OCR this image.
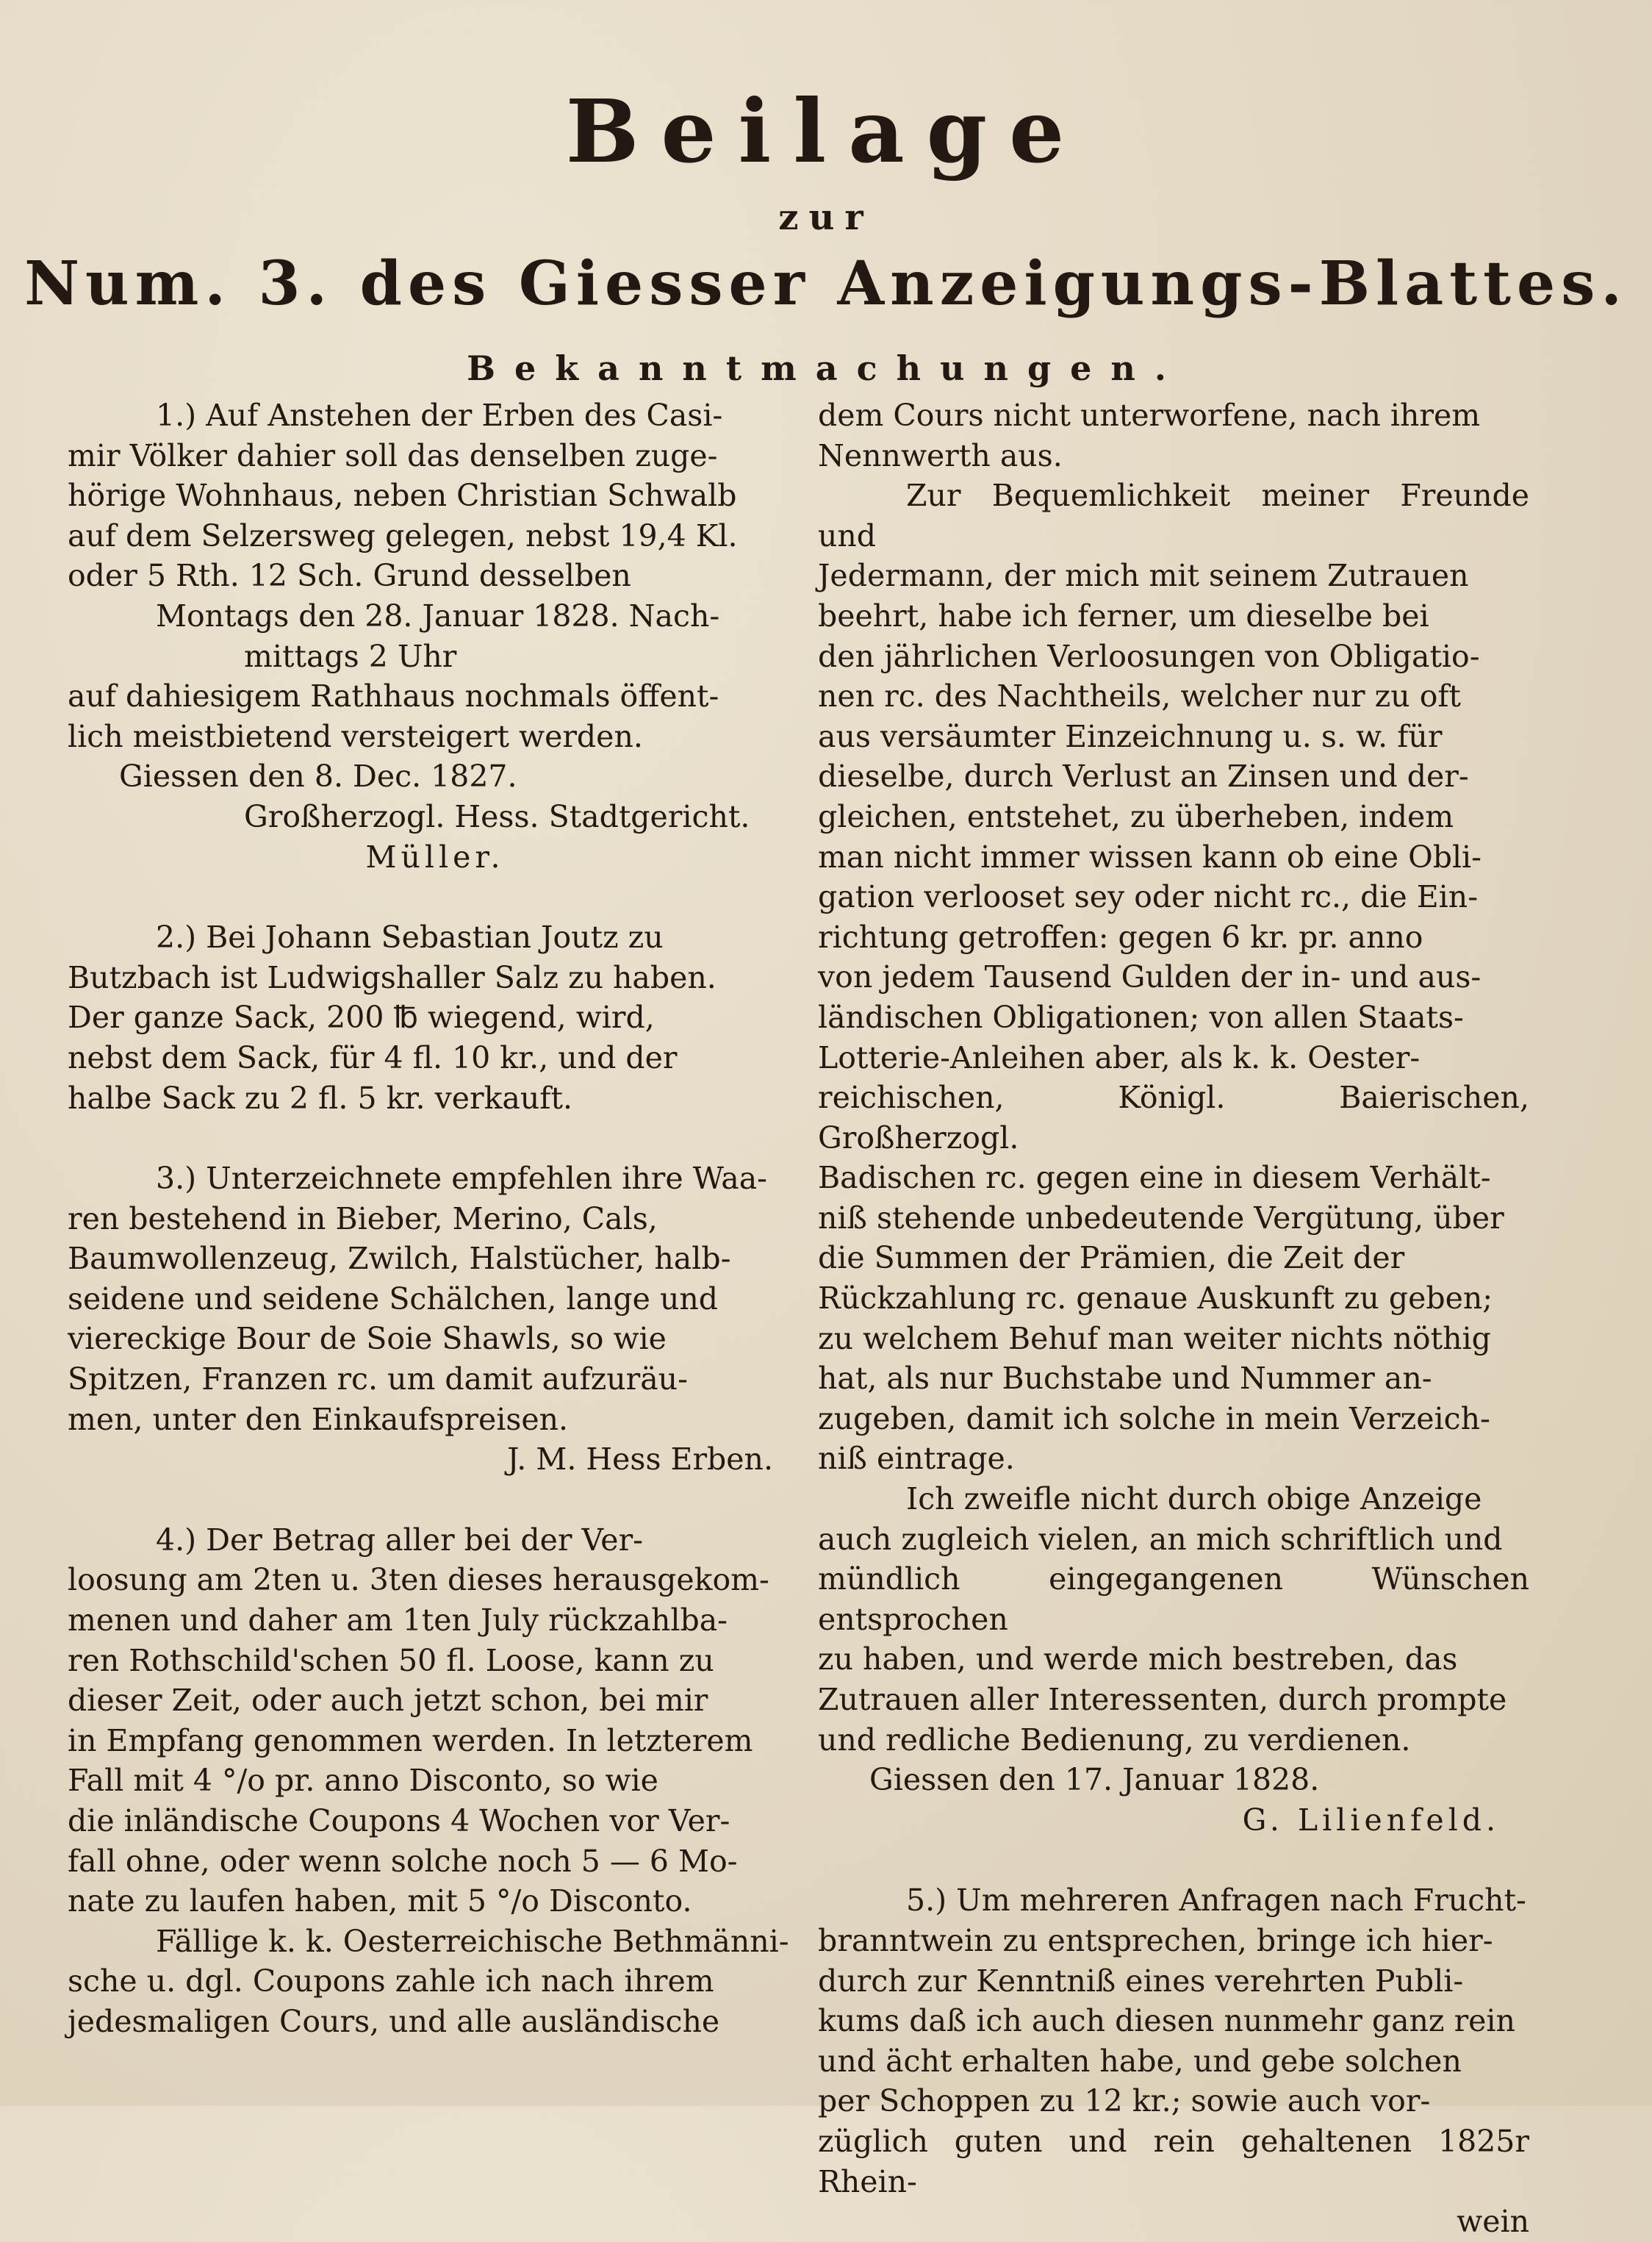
Beilage
zur
Num. 3. des Giesser Anzeigungs-Blattes.
Bekanntmachungen.
1.) Auf Anstehen der Erben des Casi-
mir Völker dahier soll das denselben zuge-
hörige Wohnhaus, neben Christian Schwalb
auf dem Selzersweg gelegen, nebst 19,4 Kl.
oder 5 Rth. 12 Sch. Grund desselben
Montags den 28. Januar 1828. Nach-
mittags 2 Uhr
auf dahiesigem Rathhaus nochmals öffent-
lich meistbietend versteigert werden.
Giessen den 8. Dec. 1827.
Großherzogl. Hess. Stadtgericht.
Müller.
2.) Bei Johann Sebastian Joutz zu
Butzbach ist Ludwigshaller Salz zu haben.
Der ganze Sack, 200 ℔ wiegend, wird,
nebst dem Sack, für 4 fl. 10 kr., und der
halbe Sack zu 2 fl. 5 kr. verkauft.
3.) Unterzeichnete empfehlen ihre Waa-
ren bestehend in Bieber, Merino, Cals,
Baumwollenzeug, Zwilch, Halstücher, halb-
seidene und seidene Schälchen, lange und
viereckige Bour de Soie Shawls, so wie
Spitzen, Franzen rc. um damit aufzuräu-
men, unter den Einkaufspreisen.
J. M. Hess Erben.
4.) Der Betrag aller bei der Ver-
loosung am 2ten u. 3ten dieses herausgekom-
menen und daher am 1ten July rückzahlba-
ren Rothschild'schen 50 fl. Loose, kann zu
dieser Zeit, oder auch jetzt schon, bei mir
in Empfang genommen werden. In letzterem
Fall mit 4 °/o pr. anno Disconto, so wie
die inländische Coupons 4 Wochen vor Ver-
fall ohne, oder wenn solche noch 5 — 6 Mo-
nate zu laufen haben, mit 5 °/o Disconto.
Fällige k. k. Oesterreichische Bethmänni-
sche u. dgl. Coupons zahle ich nach ihrem
jedesmaligen Cours, und alle ausländische
dem Cours nicht unterworfene, nach ihrem
Nennwerth aus.
Zur Bequemlichkeit meiner Freunde und
Jedermann, der mich mit seinem Zutrauen
beehrt, habe ich ferner, um dieselbe bei
den jährlichen Verloosungen von Obligatio-
nen rc. des Nachtheils, welcher nur zu oft
aus versäumter Einzeichnung u. s. w. für
dieselbe, durch Verlust an Zinsen und der-
gleichen, entstehet, zu überheben, indem
man nicht immer wissen kann ob eine Obli-
gation verlooset sey oder nicht rc., die Ein-
richtung getroffen: gegen 6 kr. pr. anno
von jedem Tausend Gulden der in- und aus-
ländischen Obligationen; von allen Staats-
Lotterie-Anleihen aber, als k. k. Oester-
reichischen, Königl. Baierischen, Großherzogl.
Badischen rc. gegen eine in diesem Verhält-
niß stehende unbedeutende Vergütung, über
die Summen der Prämien, die Zeit der
Rückzahlung rc. genaue Auskunft zu geben;
zu welchem Behuf man weiter nichts nöthig
hat, als nur Buchstabe und Nummer an-
zugeben, damit ich solche in mein Verzeich-
niß eintrage.
Ich zweifle nicht durch obige Anzeige
auch zugleich vielen, an mich schriftlich und
mündlich eingegangenen Wünschen entsprochen
zu haben, und werde mich bestreben, das
Zutrauen aller Interessenten, durch prompte
und redliche Bedienung, zu verdienen.
Giessen den 17. Januar 1828.
G. Lilienfeld.
5.) Um mehreren Anfragen nach Frucht-
branntwein zu entsprechen, bringe ich hier-
durch zur Kenntniß eines verehrten Publi-
kums daß ich auch diesen nunmehr ganz rein
und ächt erhalten habe, und gebe solchen
per Schoppen zu 12 kr.; sowie auch vor-
züglich guten und rein gehaltenen 1825r Rhein-
wein
